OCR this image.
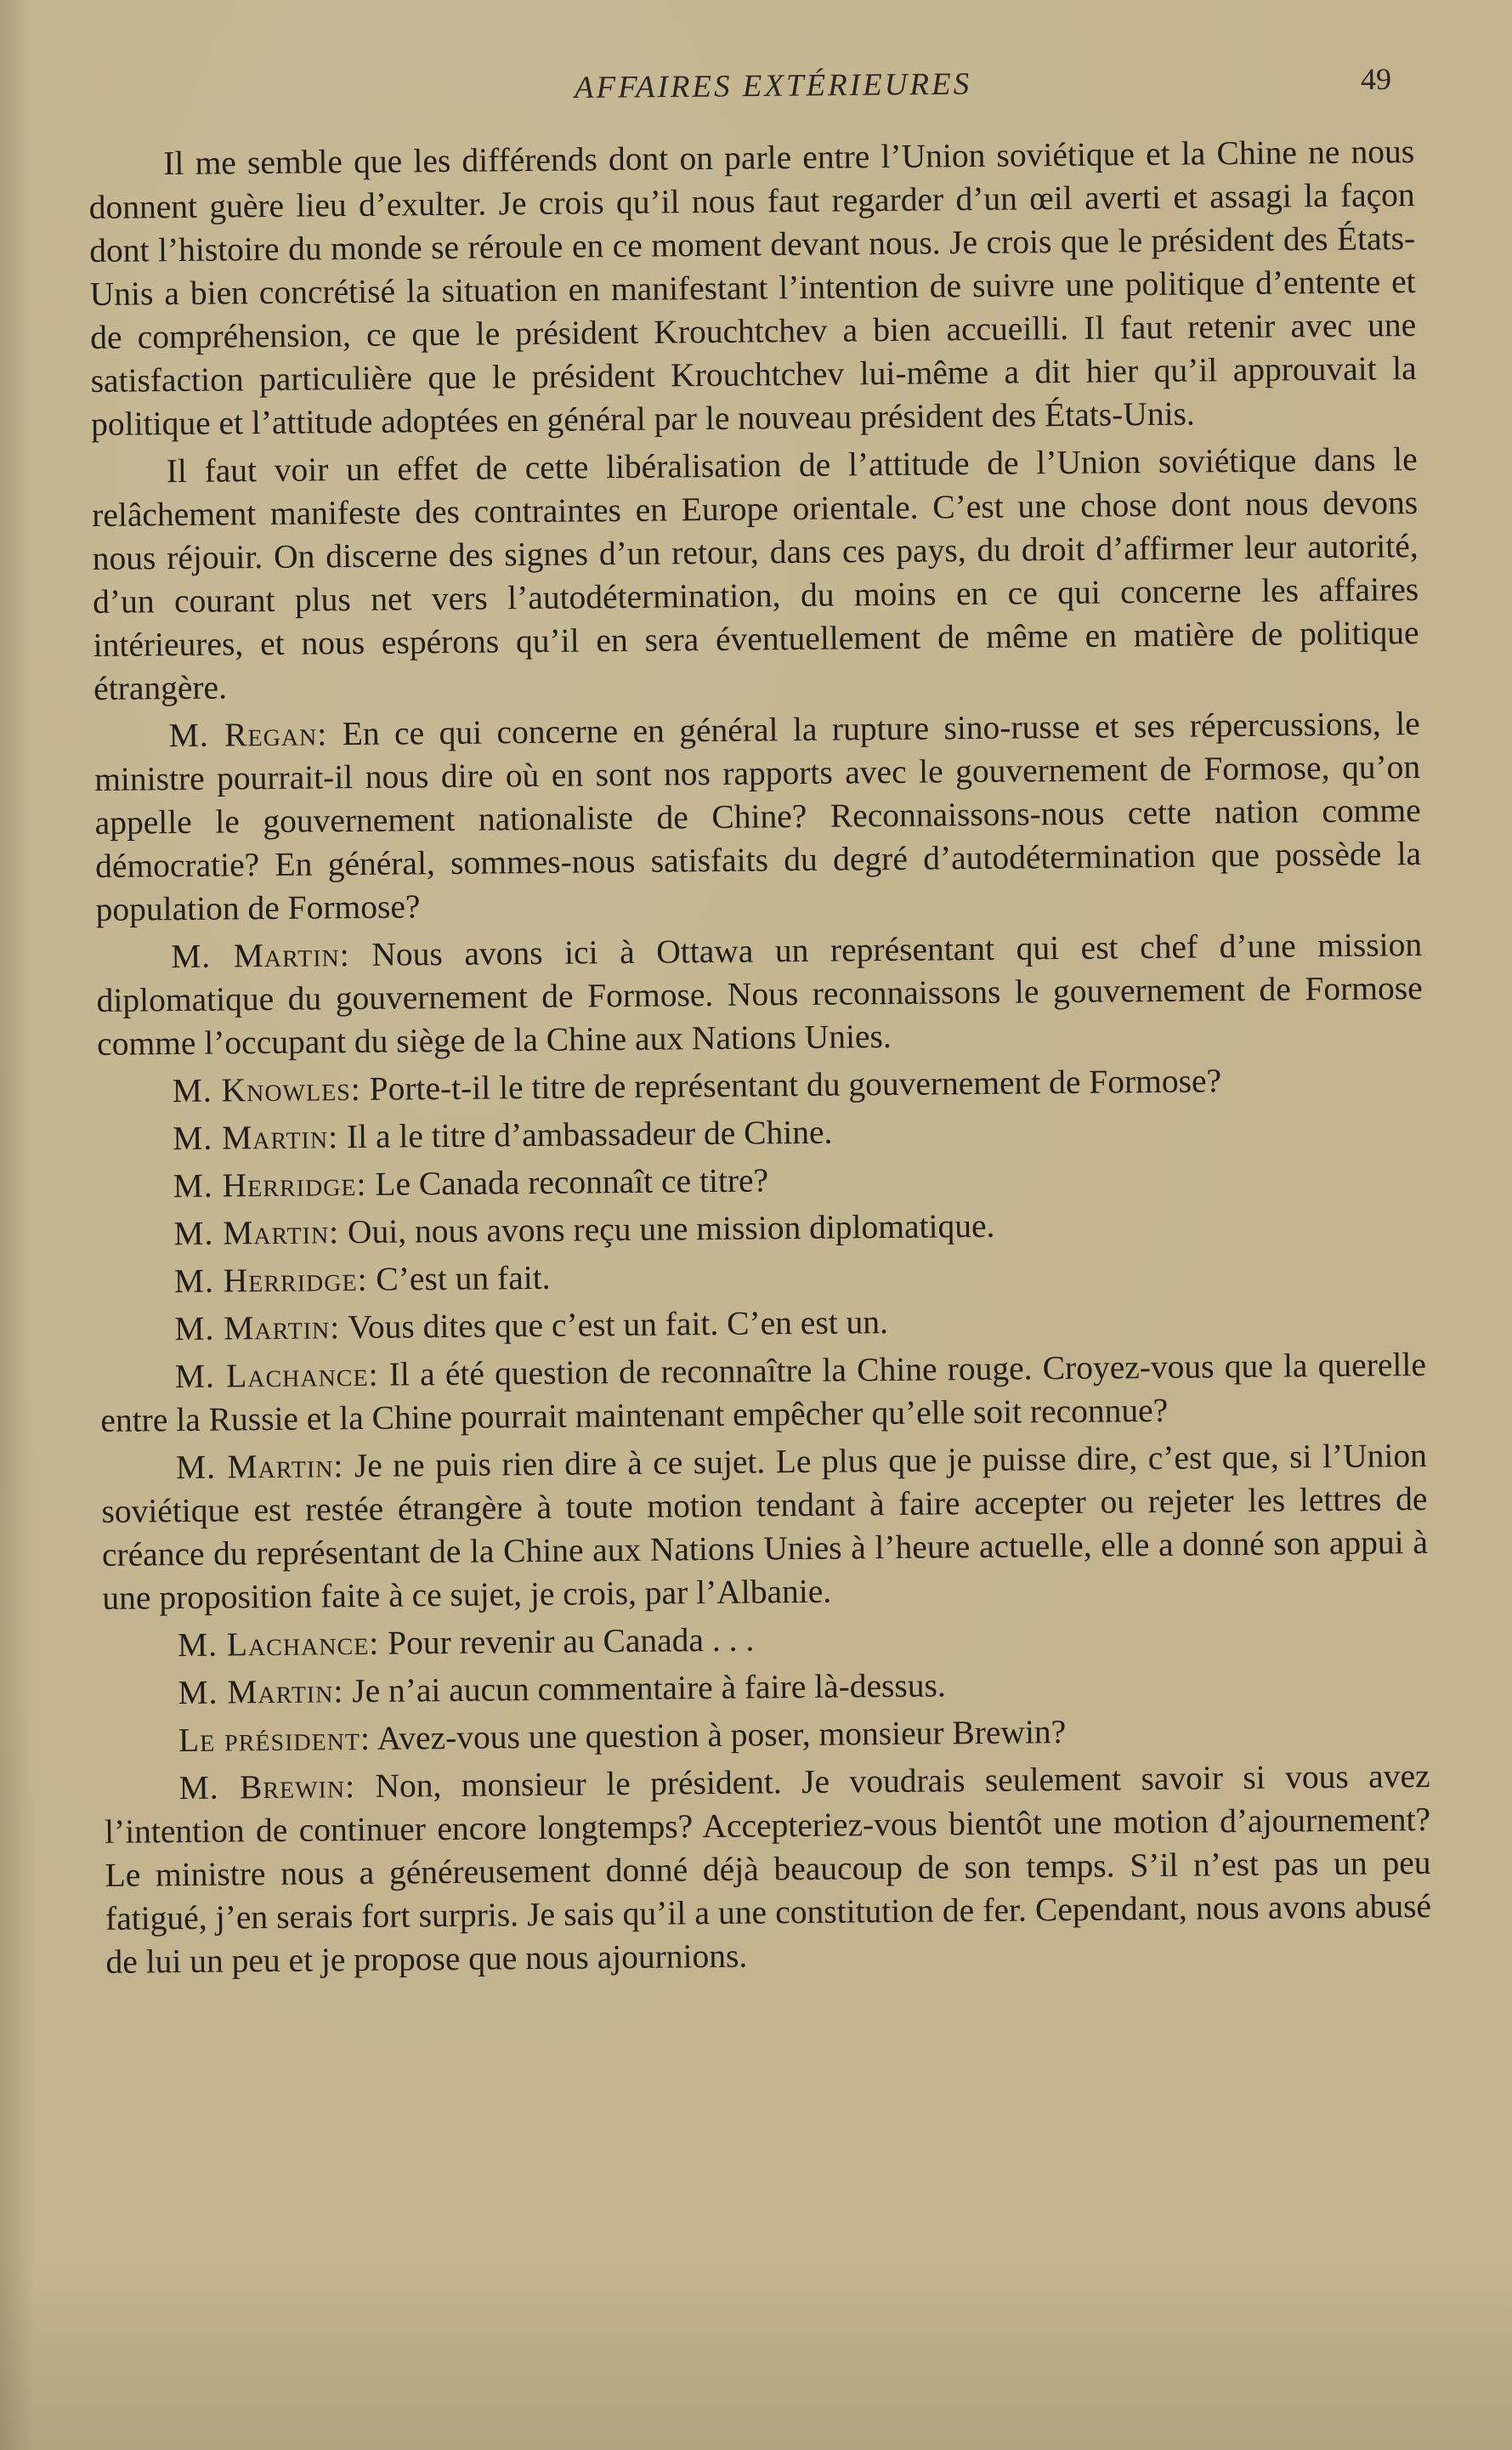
AFFAIRES EXTÉRIEURES	49

Il me semble que les différends dont on parle entre l’Union soviétique et la Chine ne nous donnent guère lieu d’exulter. Je crois qu’il nous faut regarder d’un œil averti et assagi la façon dont l’histoire du monde se réroule en ce moment devant nous. Je crois que le président des États-Unis a bien concrétisé la situation en manifestant l’intention de suivre une politique d’entente et de compréhension, ce que le président Krouchtchev a bien accueilli. Il faut retenir avec une satisfaction particulière que le président Krouchtchev lui-même a dit hier qu’il approuvait la politique et l’attitude adoptées en général par le nouveau président des États-Unis.

Il faut voir un effet de cette libéralisation de l’attitude de l’Union soviétique dans le relâchement manifeste des contraintes en Europe orientale. C’est une chose dont nous devons nous réjouir. On discerne des signes d’un retour, dans ces pays, du droit d’affirmer leur autorité, d’un courant plus net vers l’autodétermination, du moins en ce qui concerne les affaires intérieures, et nous espérons qu’il en sera éventuellement de même en matière de politique étrangère.

M. Regan: En ce qui concerne en général la rupture sino-russe et ses répercussions, le ministre pourrait-il nous dire où en sont nos rapports avec le gouvernement de Formose, qu’on appelle le gouvernement nationaliste de Chine? Reconnaissons-nous cette nation comme démocratie? En général, sommes-nous satisfaits du degré d’autodétermination que possède la population de Formose?

M. Martin: Nous avons ici à Ottawa un représentant qui est chef d’une mission diplomatique du gouvernement de Formose. Nous reconnaissons le gouvernement de Formose comme l’occupant du siège de la Chine aux Nations Unies.

M. Knowles: Porte-t-il le titre de représentant du gouvernement de Formose?

M. Martin: Il a le titre d’ambassadeur de Chine.

M. Herridge: Le Canada reconnaît ce titre?

M. Martin: Oui, nous avons reçu une mission diplomatique.

M. Herridge: C’est un fait.

M. Martin: Vous dites que c’est un fait. C’en est un.

M. Lachance: Il a été question de reconnaître la Chine rouge. Croyez-vous que la querelle entre la Russie et la Chine pourrait maintenant empêcher qu’elle soit reconnue?

M. Martin: Je ne puis rien dire à ce sujet. Le plus que je puisse dire, c’est que, si l’Union soviétique est restée étrangère à toute motion tendant à faire accepter ou rejeter les lettres de créance du représentant de la Chine aux Nations Unies à l’heure actuelle, elle a donné son appui à une proposition faite à ce sujet, je crois, par l’Albanie.

M. Lachance: Pour revenir au Canada . . .

M. Martin: Je n’ai aucun commentaire à faire là-dessus.

Le président: Avez-vous une question à poser, monsieur Brewin?

M. Brewin: Non, monsieur le président. Je voudrais seulement savoir si vous avez l’intention de continuer encore longtemps? Accepteriez-vous bientôt une motion d’ajournement? Le ministre nous a généreusement donné déjà beaucoup de son temps. S’il n’est pas un peu fatigué, j’en serais fort surpris. Je sais qu’il a une constitution de fer. Cependant, nous avons abusé de lui un peu et je propose que nous ajournions.
